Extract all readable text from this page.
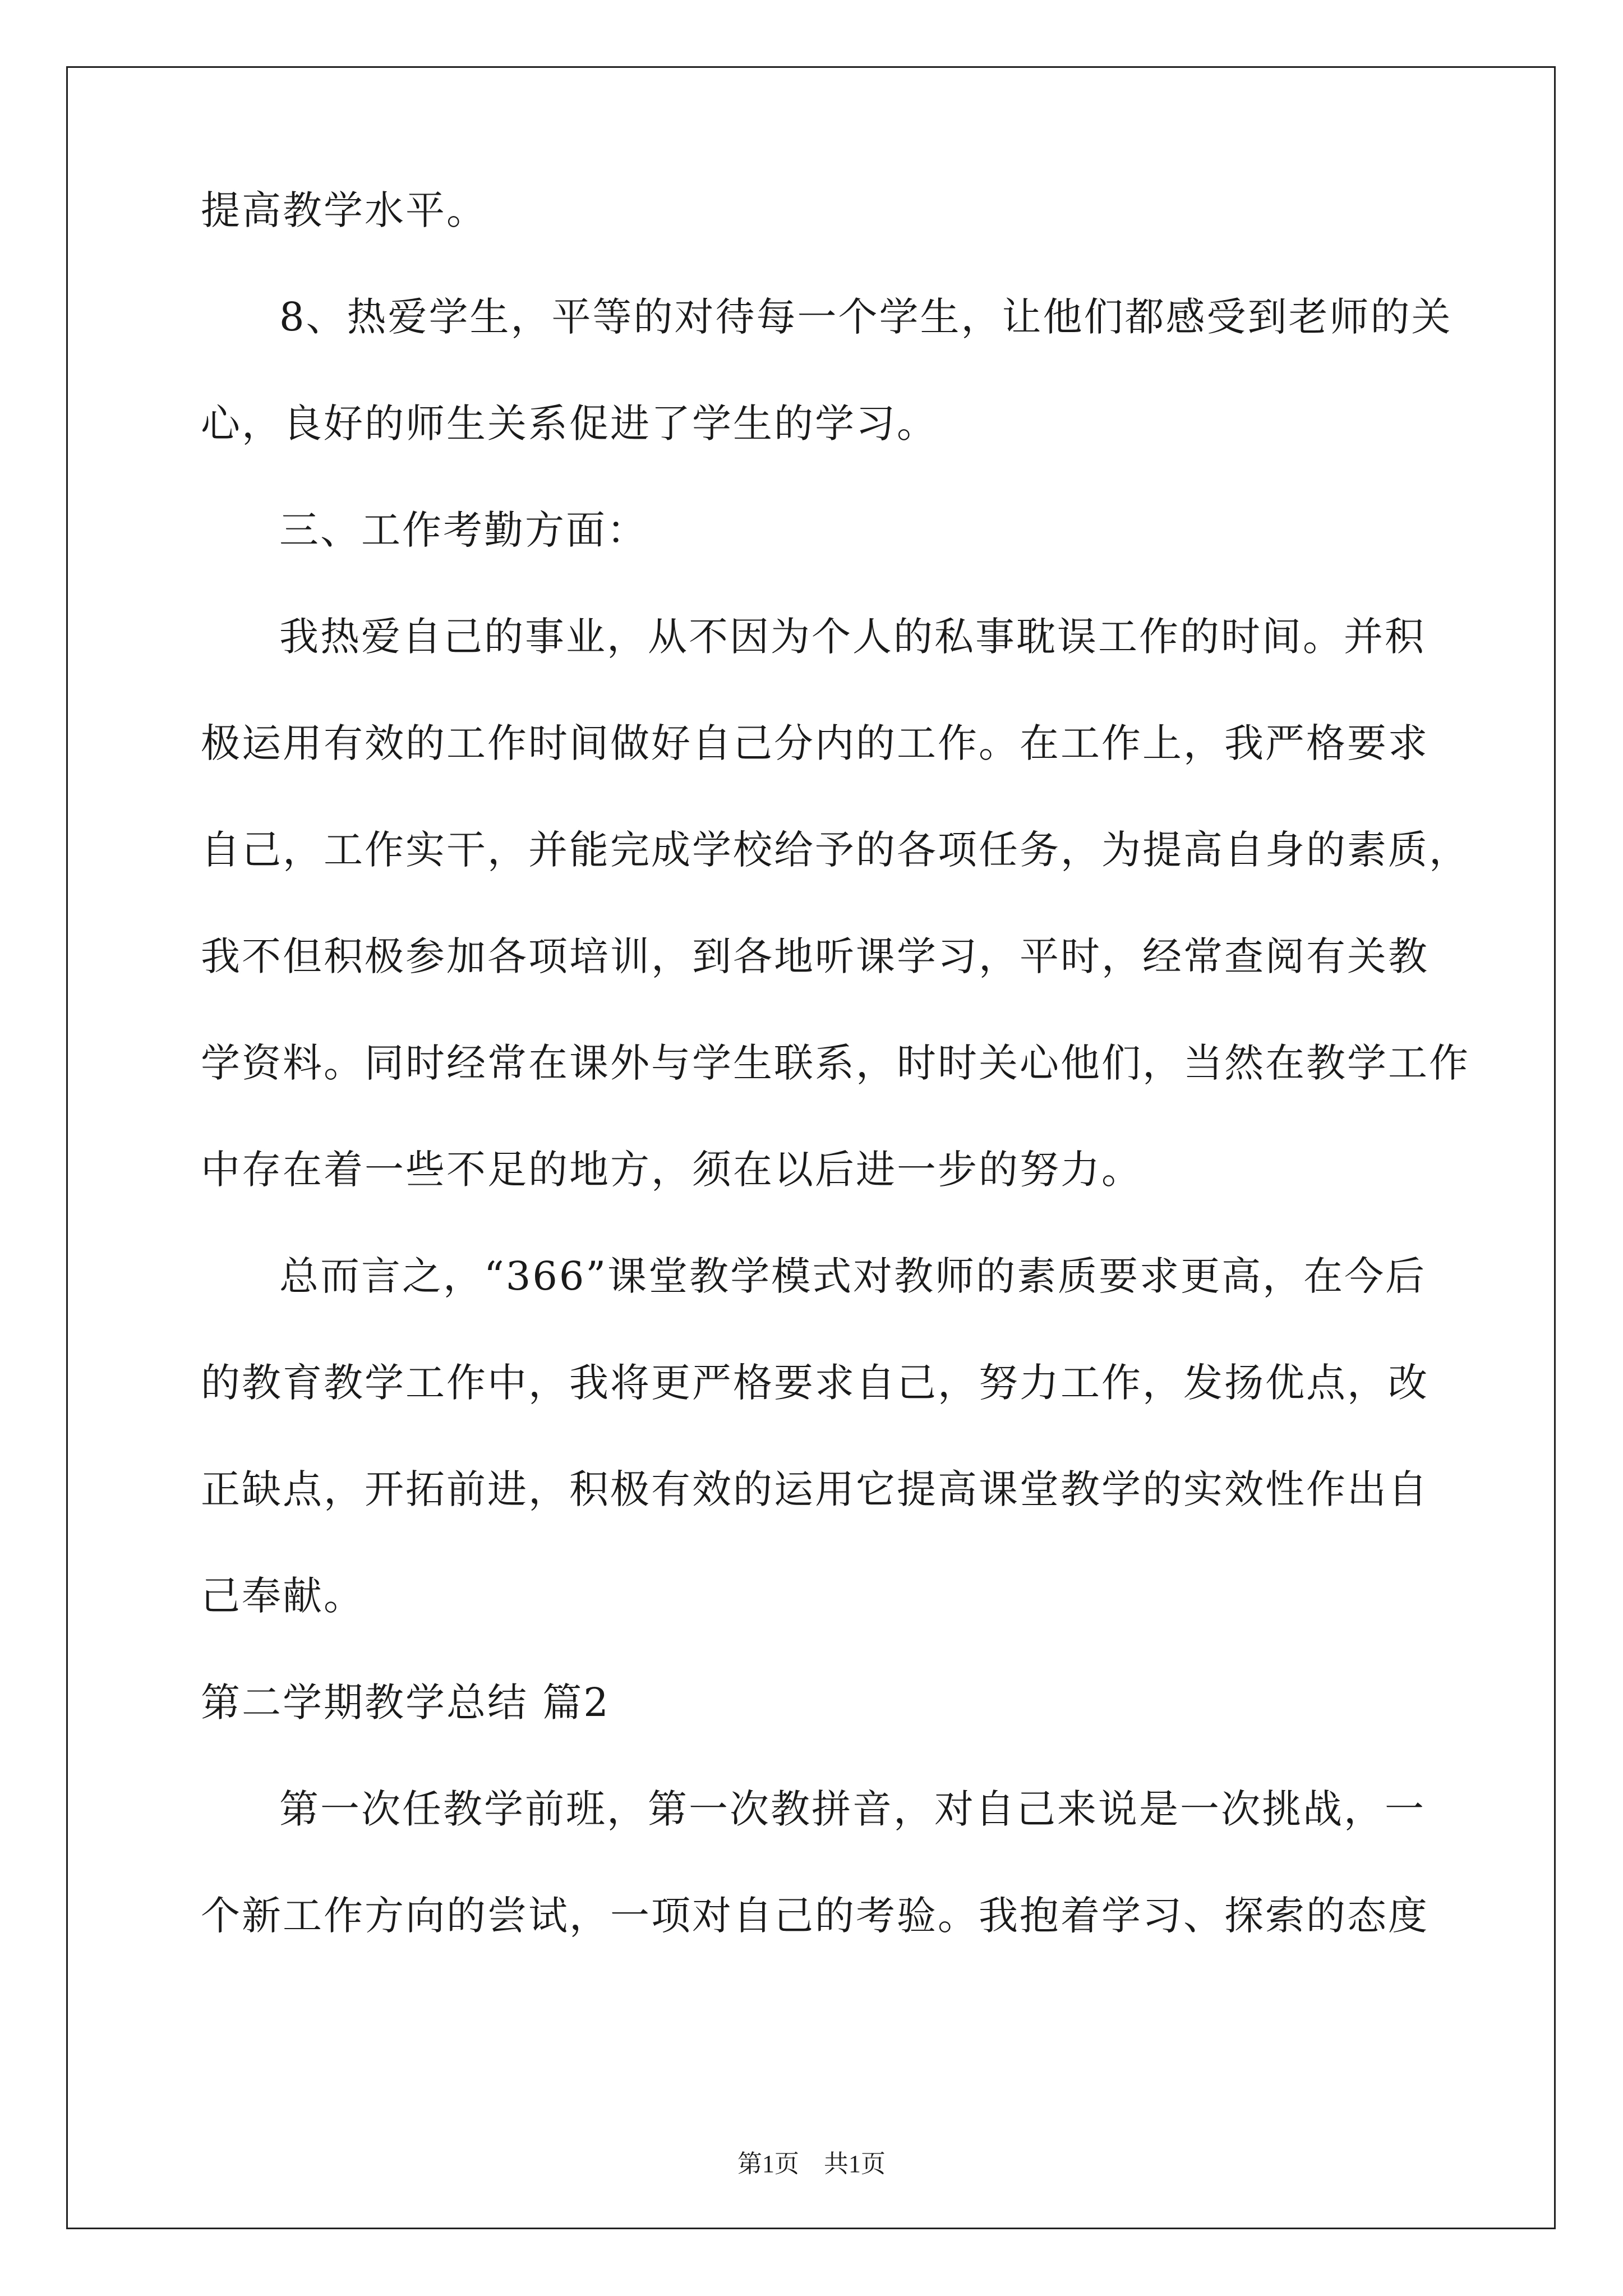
提高教学水平。
8、热爱学生，平等的对待每一个学生，让他们都感受到老师的关
心，良好的师生关系促进了学生的学习。
三、工作考勤方面：
我热爱自己的事业，从不因为个人的私事耽误工作的时间。并积
极运用有效的工作时间做好自己分内的工作。在工作上，我严格要求
自己，工作实干，并能完成学校给予的各项任务，为提高自身的素质，
我不但积极参加各项培训，到各地听课学习，平时，经常查阅有关教
学资料。同时经常在课外与学生联系，时时关心他们，当然在教学工作
中存在着一些不足的地方，须在以后进一步的努力。
总而言之，“366”课堂教学模式对教师的素质要求更高，在今后
的教育教学工作中，我将更严格要求自己，努力工作，发扬优点，改
正缺点，开拓前进，积极有效的运用它提高课堂教学的实效性作出自
己奉献。
第二学期教学总结 篇2
第一次任教学前班，第一次教拼音，对自己来说是一次挑战，一
个新工作方向的尝试，一项对自己的考验。我抱着学习、探索的态度
第1页　共1页
